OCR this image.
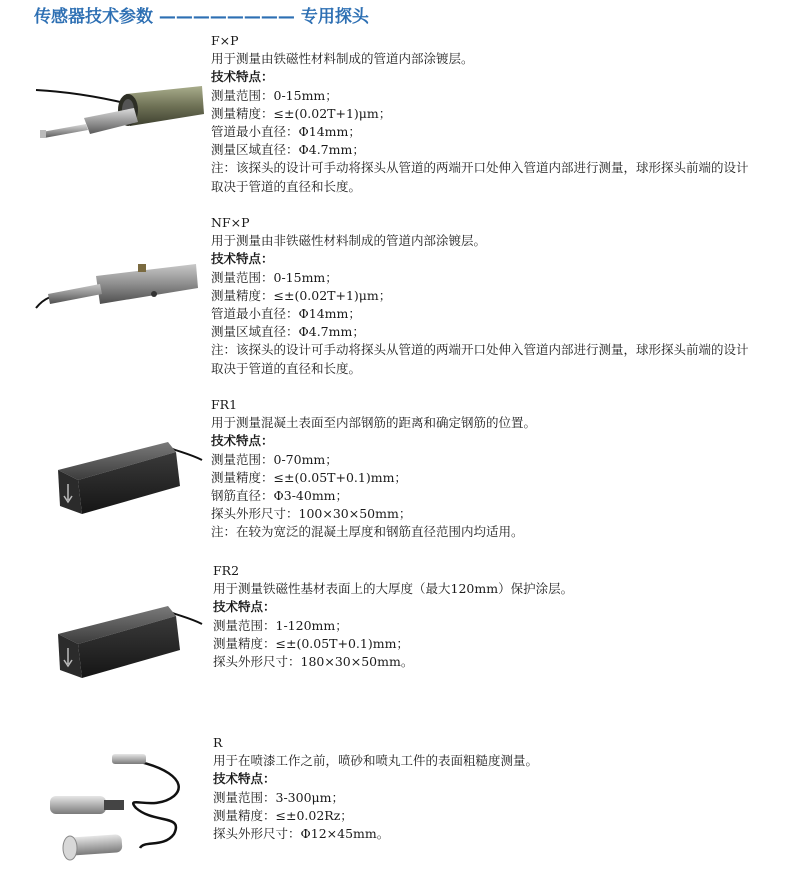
传感器技术参数 ———————— 专用探头
F×P
用于测量由铁磁性材料制成的管道内部涂镀层。
技术特点：
测量范围：0-15mm；
测量精度：≤±(0.02T+1)μm；
管道最小直径：Φ14mm；
测量区域直径：Φ4.7mm；
注：该探头的设计可手动将探头从管道的两端开口处伸入管道内部进行测量，球形探头前端的设计取决于管道的直径和长度。
NF×P
用于测量由非铁磁性材料制成的管道内部涂镀层。
技术特点：
测量范围：0-15mm；
测量精度：≤±(0.02T+1)μm；
管道最小直径：Φ14mm；
测量区域直径：Φ4.7mm；
注：该探头的设计可手动将探头从管道的两端开口处伸入管道内部进行测量，球形探头前端的设计取决于管道的直径和长度。
FR1
用于测量混凝土表面至内部钢筋的距离和确定钢筋的位置。
技术特点：
测量范围：0-70mm；
测量精度：≤±(0.05T+0.1)mm；
钢筋直径：Φ3-40mm；
探头外形尺寸：100×30×50mm；
注：在较为宽泛的混凝土厚度和钢筋直径范围内均适用。
FR2
用于测量铁磁性基材表面上的大厚度（最大120mm）保护涂层。
技术特点：
测量范围：1-120mm；
测量精度：≤±(0.05T+0.1)mm；
探头外形尺寸：180×30×50mm。
R
用于在喷漆工作之前，喷砂和喷丸工件的表面粗糙度测量。
技术特点：
测量范围：3-300μm；
测量精度：≤±0.02Rz；
探头外形尺寸：Φ12×45mm。
